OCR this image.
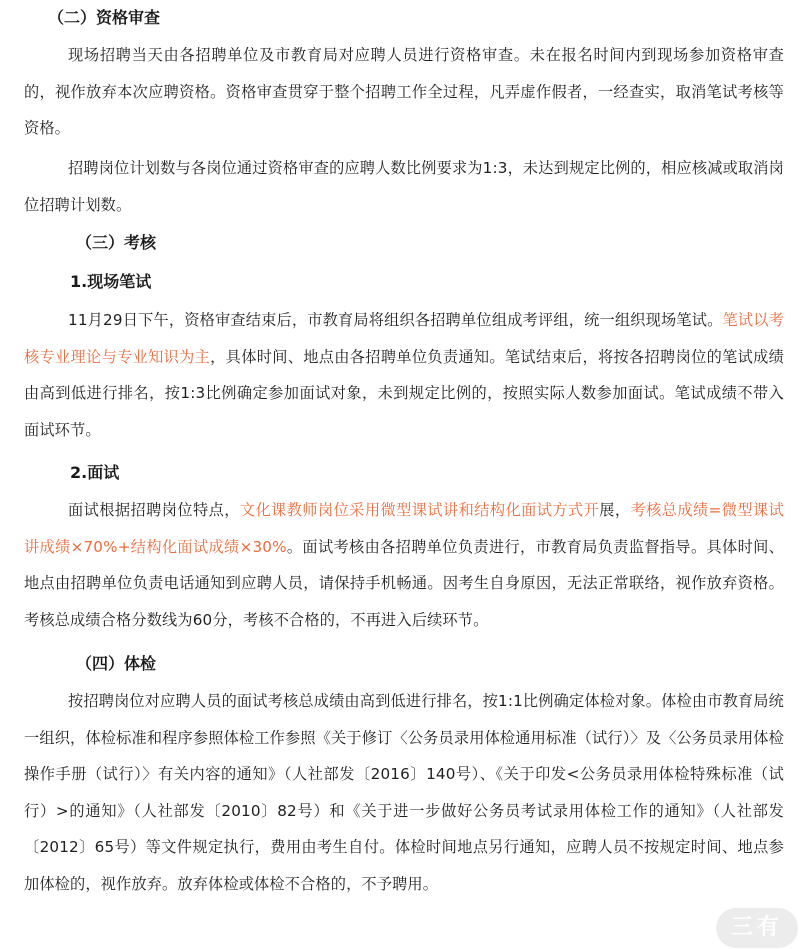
（二）资格审查

现场招聘当天由各招聘单位及市教育局对应聘人员进行资格审查。未在报名时间内到现场参加资格审查的，视作放弃本次应聘资格。资格审查贯穿于整个招聘工作全过程，凡弄虚作假者，一经查实，取消笔试考核等资格。

招聘岗位计划数与各岗位通过资格审查的应聘人数比例要求为1:3，未达到规定比例的，相应核减或取消岗位招聘计划数。

（三）考核
1.现场笔试

11月29日下午，资格审查结束后，市教育局将组织各招聘单位组成考评组，统一组织现场笔试。笔试以考核专业理论与专业知识为主，具体时间、地点由各招聘单位负责通知。笔试结束后，将按各招聘岗位的笔试成绩由高到低进行排名，按1:3比例确定参加面试对象，未到规定比例的，按照实际人数参加面试。笔试成绩不带入面试环节。

2.面试

面试根据招聘岗位特点，文化课教师岗位采用微型课试讲和结构化面试方式开展，考核总成绩=微型课试讲成绩×70%+结构化面试成绩×30%。面试考核由各招聘单位负责进行，市教育局负责监督指导。具体时间、地点由招聘单位负责电话通知到应聘人员，请保持手机畅通。因考生自身原因，无法正常联络，视作放弃资格。考核总成绩合格分数线为60分，考核不合格的，不再进入后续环节。

（四）体检

按招聘岗位对应聘人员的面试考核总成绩由高到低进行排名，按1:1比例确定体检对象。体检由市教育局统一组织，体检标准和程序参照体检工作参照《关于修订〈公务员录用体检通用标准（试行）〉及〈公务员录用体检操作手册（试行）〉有关内容的通知》（人社部发〔2016〕140号）、《关于印发<公务员录用体检特殊标准（试行）>的通知》（人社部发〔2010〕82号）和《关于进一步做好公务员考试录用体检工作的通知》（人社部发〔2012〕65号）等文件规定执行，费用由考生自付。体检时间地点另行通知，应聘人员不按规定时间、地点参加体检的，视作放弃。放弃体检或体检不合格的，不予聘用。

三有
